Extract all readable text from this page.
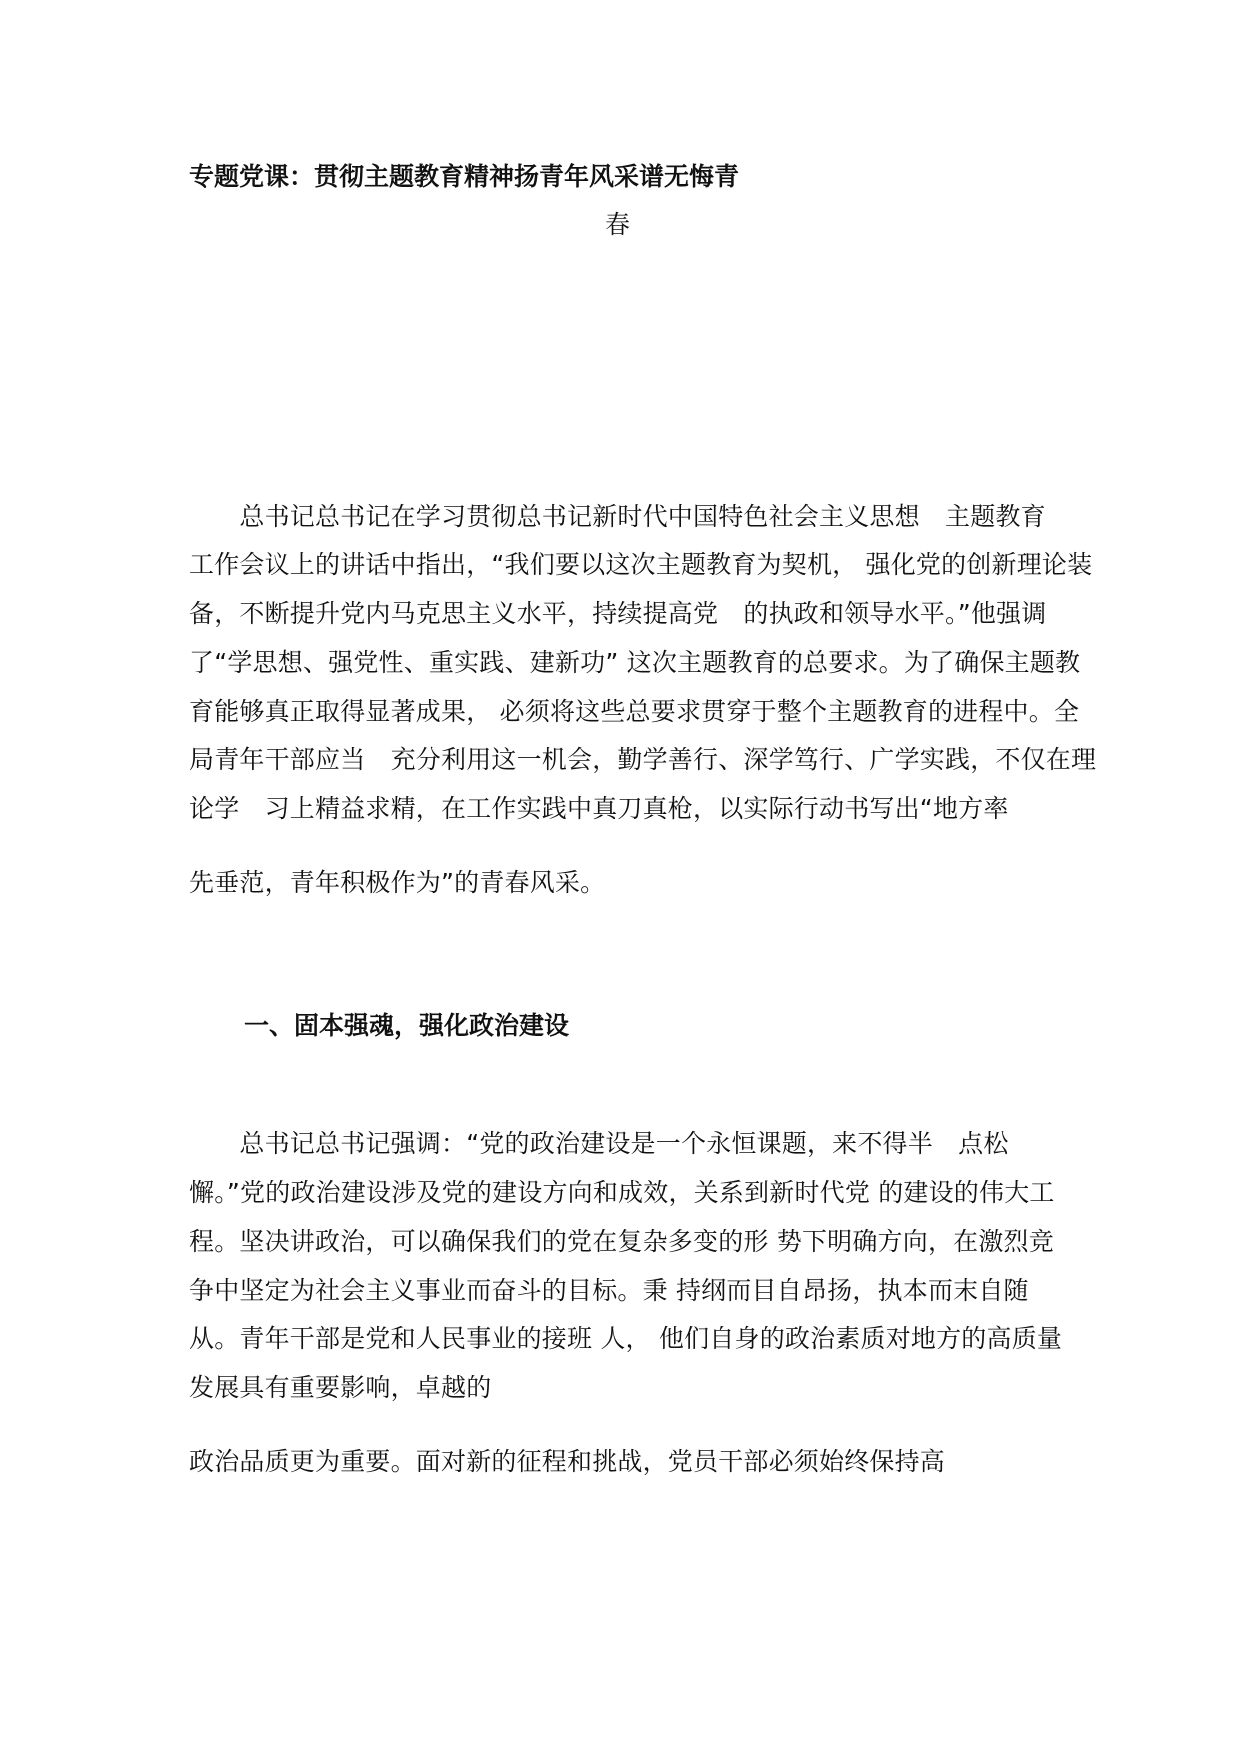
专题党课：贯彻主题教育精神扬青年风采谱无悔青
春
　　总书记总书记在学习贯彻总书记新时代中国特色社会主义思想　主题教育
工作会议上的讲话中指出，“我们要以这次主题教育为契机， 强化党的创新理论装
备，不断提升党内马克思主义水平，持续提高党　的执政和领导水平。”他强调
了“学思想、强党性、重实践、建新功” 这次主题教育的总要求。为了确保主题教
育能够真正取得显著成果， 必须将这些总要求贯穿于整个主题教育的进程中。全
局青年干部应当　充分利用这一机会，勤学善行、深学笃行、广学实践，不仅在理
论学　习上精益求精，在工作实践中真刀真枪，以实际行动书写出“地方率
先垂范，青年积极作为”的青春风采。
一、固本强魂，强化政治建设
　　总书记总书记强调：“党的政治建设是一个永恒课题，来不得半　点松
懈。”党的政治建设涉及党的建设方向和成效，关系到新时代党 的建设的伟大工
程。坚决讲政治，可以确保我们的党在复杂多变的形 势下明确方向，在激烈竞
争中坚定为社会主义事业而奋斗的目标。秉 持纲而目自昂扬，执本而末自随
从。青年干部是党和人民事业的接班 人， 他们自身的政治素质对地方的高质量
发展具有重要影响，卓越的
政治品质更为重要。面对新的征程和挑战，党员干部必须始终保持高
